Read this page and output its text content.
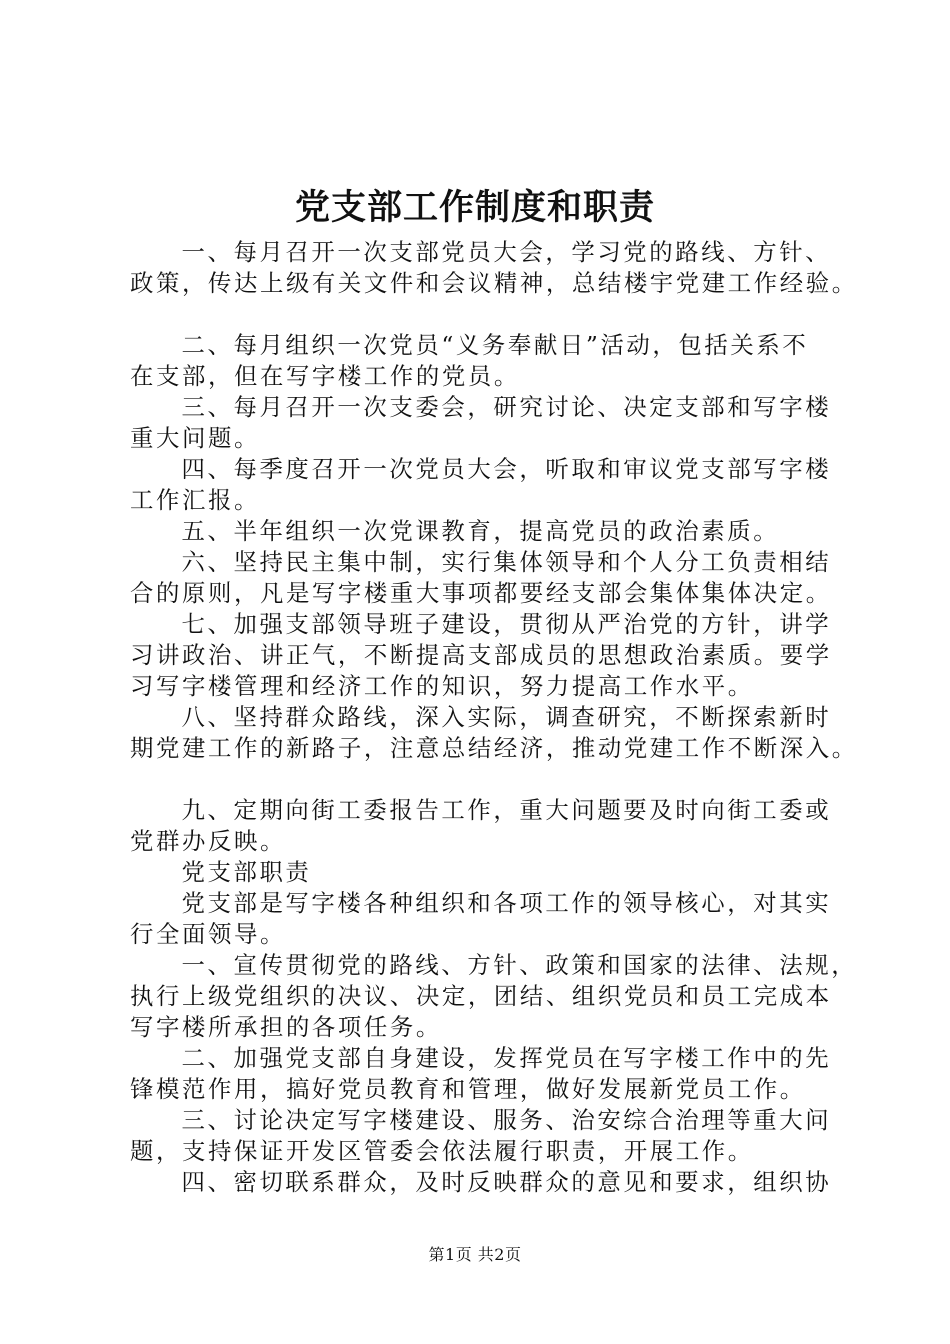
党支部工作制度和职责

一、每月召开一次支部党员大会，学习党的路线、方针、

政策，传达上级有关文件和会议精神，总结楼宇党建工作经验。

二、每月组织一次党员“义务奉献日”活动，包括关系不

在支部，但在写字楼工作的党员。

三、每月召开一次支委会，研究讨论、决定支部和写字楼

重大问题。

四、每季度召开一次党员大会，听取和审议党支部写字楼

工作汇报。

五、半年组织一次党课教育，提高党员的政治素质。

六、坚持民主集中制，实行集体领导和个人分工负责相结

合的原则，凡是写字楼重大事项都要经支部会集体集体决定。

七、加强支部领导班子建设，贯彻从严治党的方针，讲学

习讲政治、讲正气，不断提高支部成员的思想政治素质。要学

习写字楼管理和经济工作的知识，努力提高工作水平。

八、坚持群众路线，深入实际，调查研究，不断探索新时

期党建工作的新路子，注意总结经济，推动党建工作不断深入。

九、定期向街工委报告工作，重大问题要及时向街工委或

党群办反映。

党支部职责

党支部是写字楼各种组织和各项工作的领导核心，对其实

行全面领导。

一、宣传贯彻党的路线、方针、政策和国家的法律、法规，

执行上级党组织的决议、决定，团结、组织党员和员工完成本

写字楼所承担的各项任务。

二、加强党支部自身建设，发挥党员在写字楼工作中的先

锋模范作用，搞好党员教育和管理，做好发展新党员工作。

三、讨论决定写字楼建设、服务、治安综合治理等重大问

题，支持保证开发区管委会依法履行职责，开展工作。

四、密切联系群众，及时反映群众的意见和要求，组织协

第1页 共2页
